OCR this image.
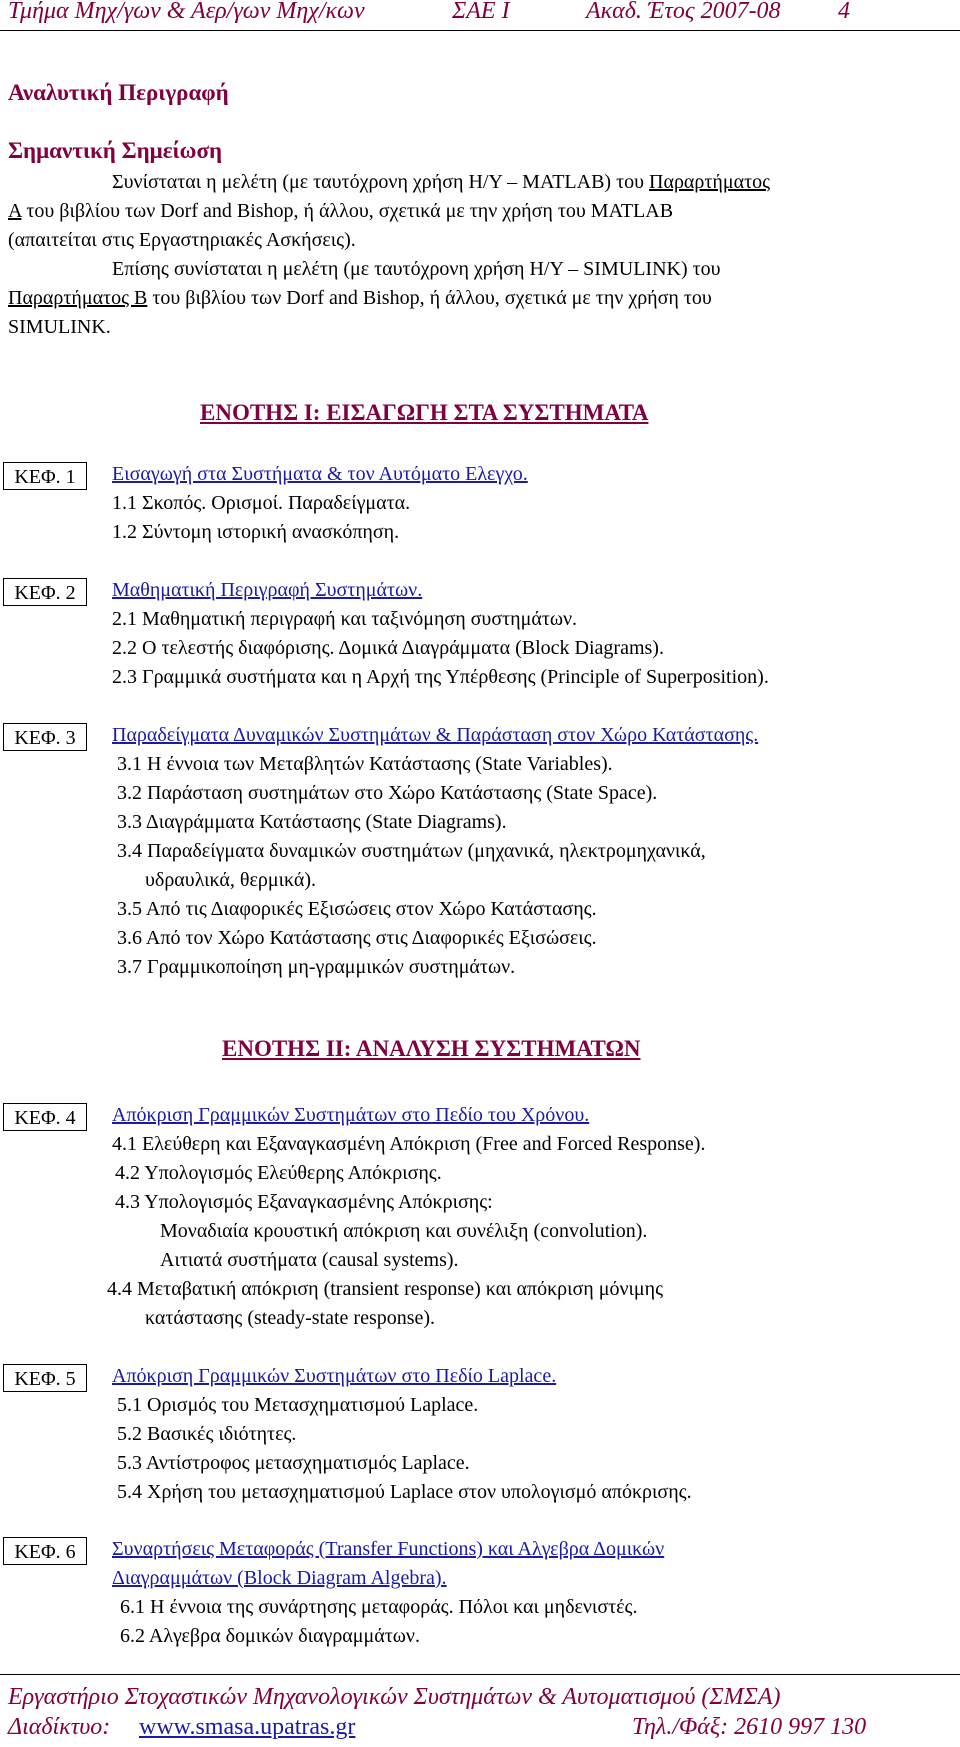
Τμήμα Μηχ/γων & Αερ/γων Μηχ/κων	ΣΑΕ Ι	Ακαδ. Έτος 2007-08 4
Αναλυτική Περιγραφή
Σημαντική Σημείωση
Συνίσταται η μελέτη (με ταυτόχρονη χρήση Η/Υ – MATLAB) του Παραρτήματος
Α του βιβλίου των Dorf and Bishop, ή άλλου, σχετικά με την χρήση του MATLAB
(απαιτείται στις Εργαστηριακές Ασκήσεις).
Επίσης συνίσταται η μελέτη (με ταυτόχρονη χρήση Η/Υ – SIMULINK) του
Παραρτήματος Β του βιβλίου των Dorf and Bishop, ή άλλου, σχετικά με την χρήση του
SIMULINK.
ΕΝΟΤΗΣ Ι: ΕΙΣΑΓΩΓΗ ΣΤΑ ΣΥΣΤΗΜΑΤΑ
ΚΕΦ. 1	Εισαγωγή στα Συστήματα & τον Αυτόματο Ελεγχο.
1.1 Σκοπός. Ορισμοί. Παραδείγματα.
1.2 Σύντομη ιστορική ανασκόπηση.
ΚΕΦ. 2	Μαθηματική Περιγραφή Συστημάτων.
2.1 Μαθηματική περιγραφή και ταξινόμηση συστημάτων.
2.2 Ο τελεστής διαφόρισης. Δομικά Διαγράμματα (Block Diagrams).
2.3 Γραμμικά συστήματα και η Αρχή της Υπέρθεσης (Principle of Superposition).
ΚΕΦ. 3	Παραδείγματα Δυναμικών Συστημάτων & Παράσταση στον Χώρο Κατάστασης.
3.1 Η έννοια των Μεταβλητών Κατάστασης (State Variables).
3.2 Παράσταση συστημάτων στο Χώρο Κατάστασης (State Space).
3.3 Διαγράμματα Κατάστασης (State Diagrams).
3.4 Παραδείγματα δυναμικών συστημάτων (μηχανικά, ηλεκτρομηχανικά,
υδραυλικά, θερμικά).
3.5 Από τις Διαφορικές Εξισώσεις στον Χώρο Κατάστασης.
3.6 Από τον Χώρο Κατάστασης στις Διαφορικές Εξισώσεις.
3.7 Γραμμικοποίηση μη-γραμμικών συστημάτων.
ΕΝΟΤΗΣ ΙΙ: ΑΝΑΛΥΣΗ ΣΥΣΤΗΜΑΤΩΝ
ΚΕΦ. 4	Απόκριση Γραμμικών Συστημάτων στο Πεδίο του Χρόνου.
4.1 Ελεύθερη και Εξαναγκασμένη Απόκριση (Free and Forced Response).
4.2 Υπολογισμός Ελεύθερης Απόκρισης.
4.3 Υπολογισμός Εξαναγκασμένης Απόκρισης:
Μοναδιαία κρουστική απόκριση και συνέλιξη (convolution).
Αιτιατά συστήματα (causal systems).
4.4 Μεταβατική απόκριση (transient response) και απόκριση μόνιμης
κατάστασης (steady-state response).
ΚΕΦ. 5	Απόκριση Γραμμικών Συστημάτων στο Πεδίο Laplace.
5.1 Ορισμός του Μετασχηματισμού Laplace.
5.2 Βασικές ιδιότητες.
5.3 Αντίστροφος μετασχηματισμός Laplace.
5.4 Χρήση του μετασχηματισμού Laplace στον υπολογισμό απόκρισης.
ΚΕΦ. 6	Συναρτήσεις Μεταφοράς (Transfer Functions) και Αλγεβρα Δομικών
Διαγραμμάτων (Block Diagram Algebra).
6.1 Η έννοια της συνάρτησης μεταφοράς. Πόλοι και μηδενιστές.
6.2 Αλγεβρα δομικών διαγραμμάτων.
Εργαστήριο Στοχαστικών Μηχανολογικών Συστημάτων & Αυτοματισμού (ΣΜΣΑ)
Διαδίκτυο: www.smasa.upatras.gr	Τηλ./Φάξ: 2610 997 130
